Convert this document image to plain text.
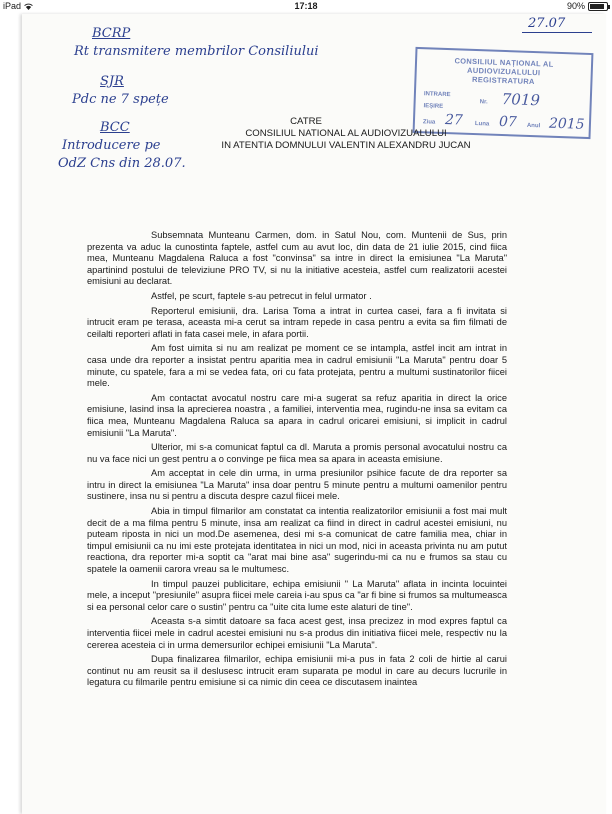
iPad	17:18	90%
27.07
BCRP
Rt transmitere membrilor Consiliului
SJR
Pdc ne 7 spețe
BCC
Introducere pe
OdZ Cns din 28.07.
CONSILIUL NAȚIONAL AL
AUDIOVIZUALULUI
REGISTRATURA
INTRARE
IEȘIRE
Nr. 7019
Ziua 27 Luna 07 Anul 2015
CATRE
CONSILIUL NATIONAL AL AUDIOVIZUALULUI
IN ATENTIA DOMNULUI VALENTIN ALEXANDRU JUCAN

Subsemnata Munteanu Carmen, dom. in Satul Nou, com. Muntenii de Sus, prin prezenta va aduc la cunostinta faptele, astfel cum au avut loc, din data de 21 iulie 2015, cind fiica mea, Munteanu Magdalena Raluca a fost "convinsa" sa intre in direct la emisiunea "La Maruta" apartinind postului de televiziune PRO TV, si nu la initiative acesteia, astfel cum realizatorii acestei emisiuni au declarat.

Astfel, pe scurt, faptele s-au petrecut in felul urmator .

Reporterul emisiunii, dra. Larisa Toma a intrat in curtea casei, fara a fi invitata si intrucit eram pe terasa, aceasta mi-a cerut sa intram repede in casa pentru a evita sa fim filmati de ceilalti reporteri aflati in fata casei mele, in afara portii.

Am fost uimita si nu am realizat pe moment ce se intampla, astfel incit am intrat in casa unde dra reporter a insistat pentru aparitia mea in cadrul emisiunii "La Maruta" pentru doar 5 minute, cu spatele, fara a mi se vedea fata, ori cu fata protejata, pentru a multumi sustinatorilor fiicei mele.

Am contactat avocatul nostru care mi-a sugerat sa refuz aparitia in direct la orice emisiune, lasind insa la aprecierea noastra , a familiei, interventia mea, rugindu-ne insa sa evitam ca fiica mea, Munteanu Magdalena Raluca sa apara in cadrul oricarei emisiuni, si implicit in cadrul emisiunii "La Maruta".

Ulterior, mi s-a comunicat faptul ca dl. Maruta a promis personal avocatului nostru ca nu va face nici un gest pentru a o convinge pe fiica mea sa apara in aceasta emisiune.

Am acceptat in cele din urma, in urma presiunilor psihice facute de dra reporter sa intru in direct la emisiunea "La Maruta" insa doar pentru 5 minute pentru a multumi oamenilor pentru sustinere, insa nu si pentru a discuta despre cazul fiicei mele.

Abia in timpul filmarilor am constatat ca intentia realizatorilor emisiunii a fost mai mult decit de a ma filma pentru 5 minute, insa am realizat ca fiind in direct in cadrul acestei emisiuni, nu puteam riposta in nici un mod.De asemenea, desi mi s-a comunicat de catre familia mea, chiar in timpul emisiunii ca nu imi este protejata identitatea in nici un mod, nici in aceasta privinta nu am putut reactiona, dra reporter mi-a soptit ca "arat mai bine asa" sugerindu-mi ca nu e frumos sa stau cu spatele la oamenii carora vreau sa le multumesc.

In timpul pauzei publicitare, echipa emisiunii " La Maruta" aflata in incinta locuintei mele, a inceput "presiunile" asupra fiicei mele careia i-au spus ca "ar fi bine si frumos sa multumeasca si ea personal celor care o sustin" pentru ca "uite cita lume este alaturi de tine".

Aceasta s-a simtit datoare sa faca acest gest, insa precizez in mod expres faptul ca interventia fiicei mele in cadrul acestei emisiuni nu s-a produs din initiativa fiicei mele, respectiv nu la cererea acesteia ci in urma demersurilor echipei emisiunii "La Maruta".

Dupa finalizarea filmarilor, echipa emisiunii mi-a pus in fata 2 coli de hirtie al carui continut nu am reusit sa il deslusesc intrucit eram suparata pe modul in care au decurs lucrurile in legatura cu filmarile pentru emisiune si ca nimic din ceea ce discutasem inaintea
